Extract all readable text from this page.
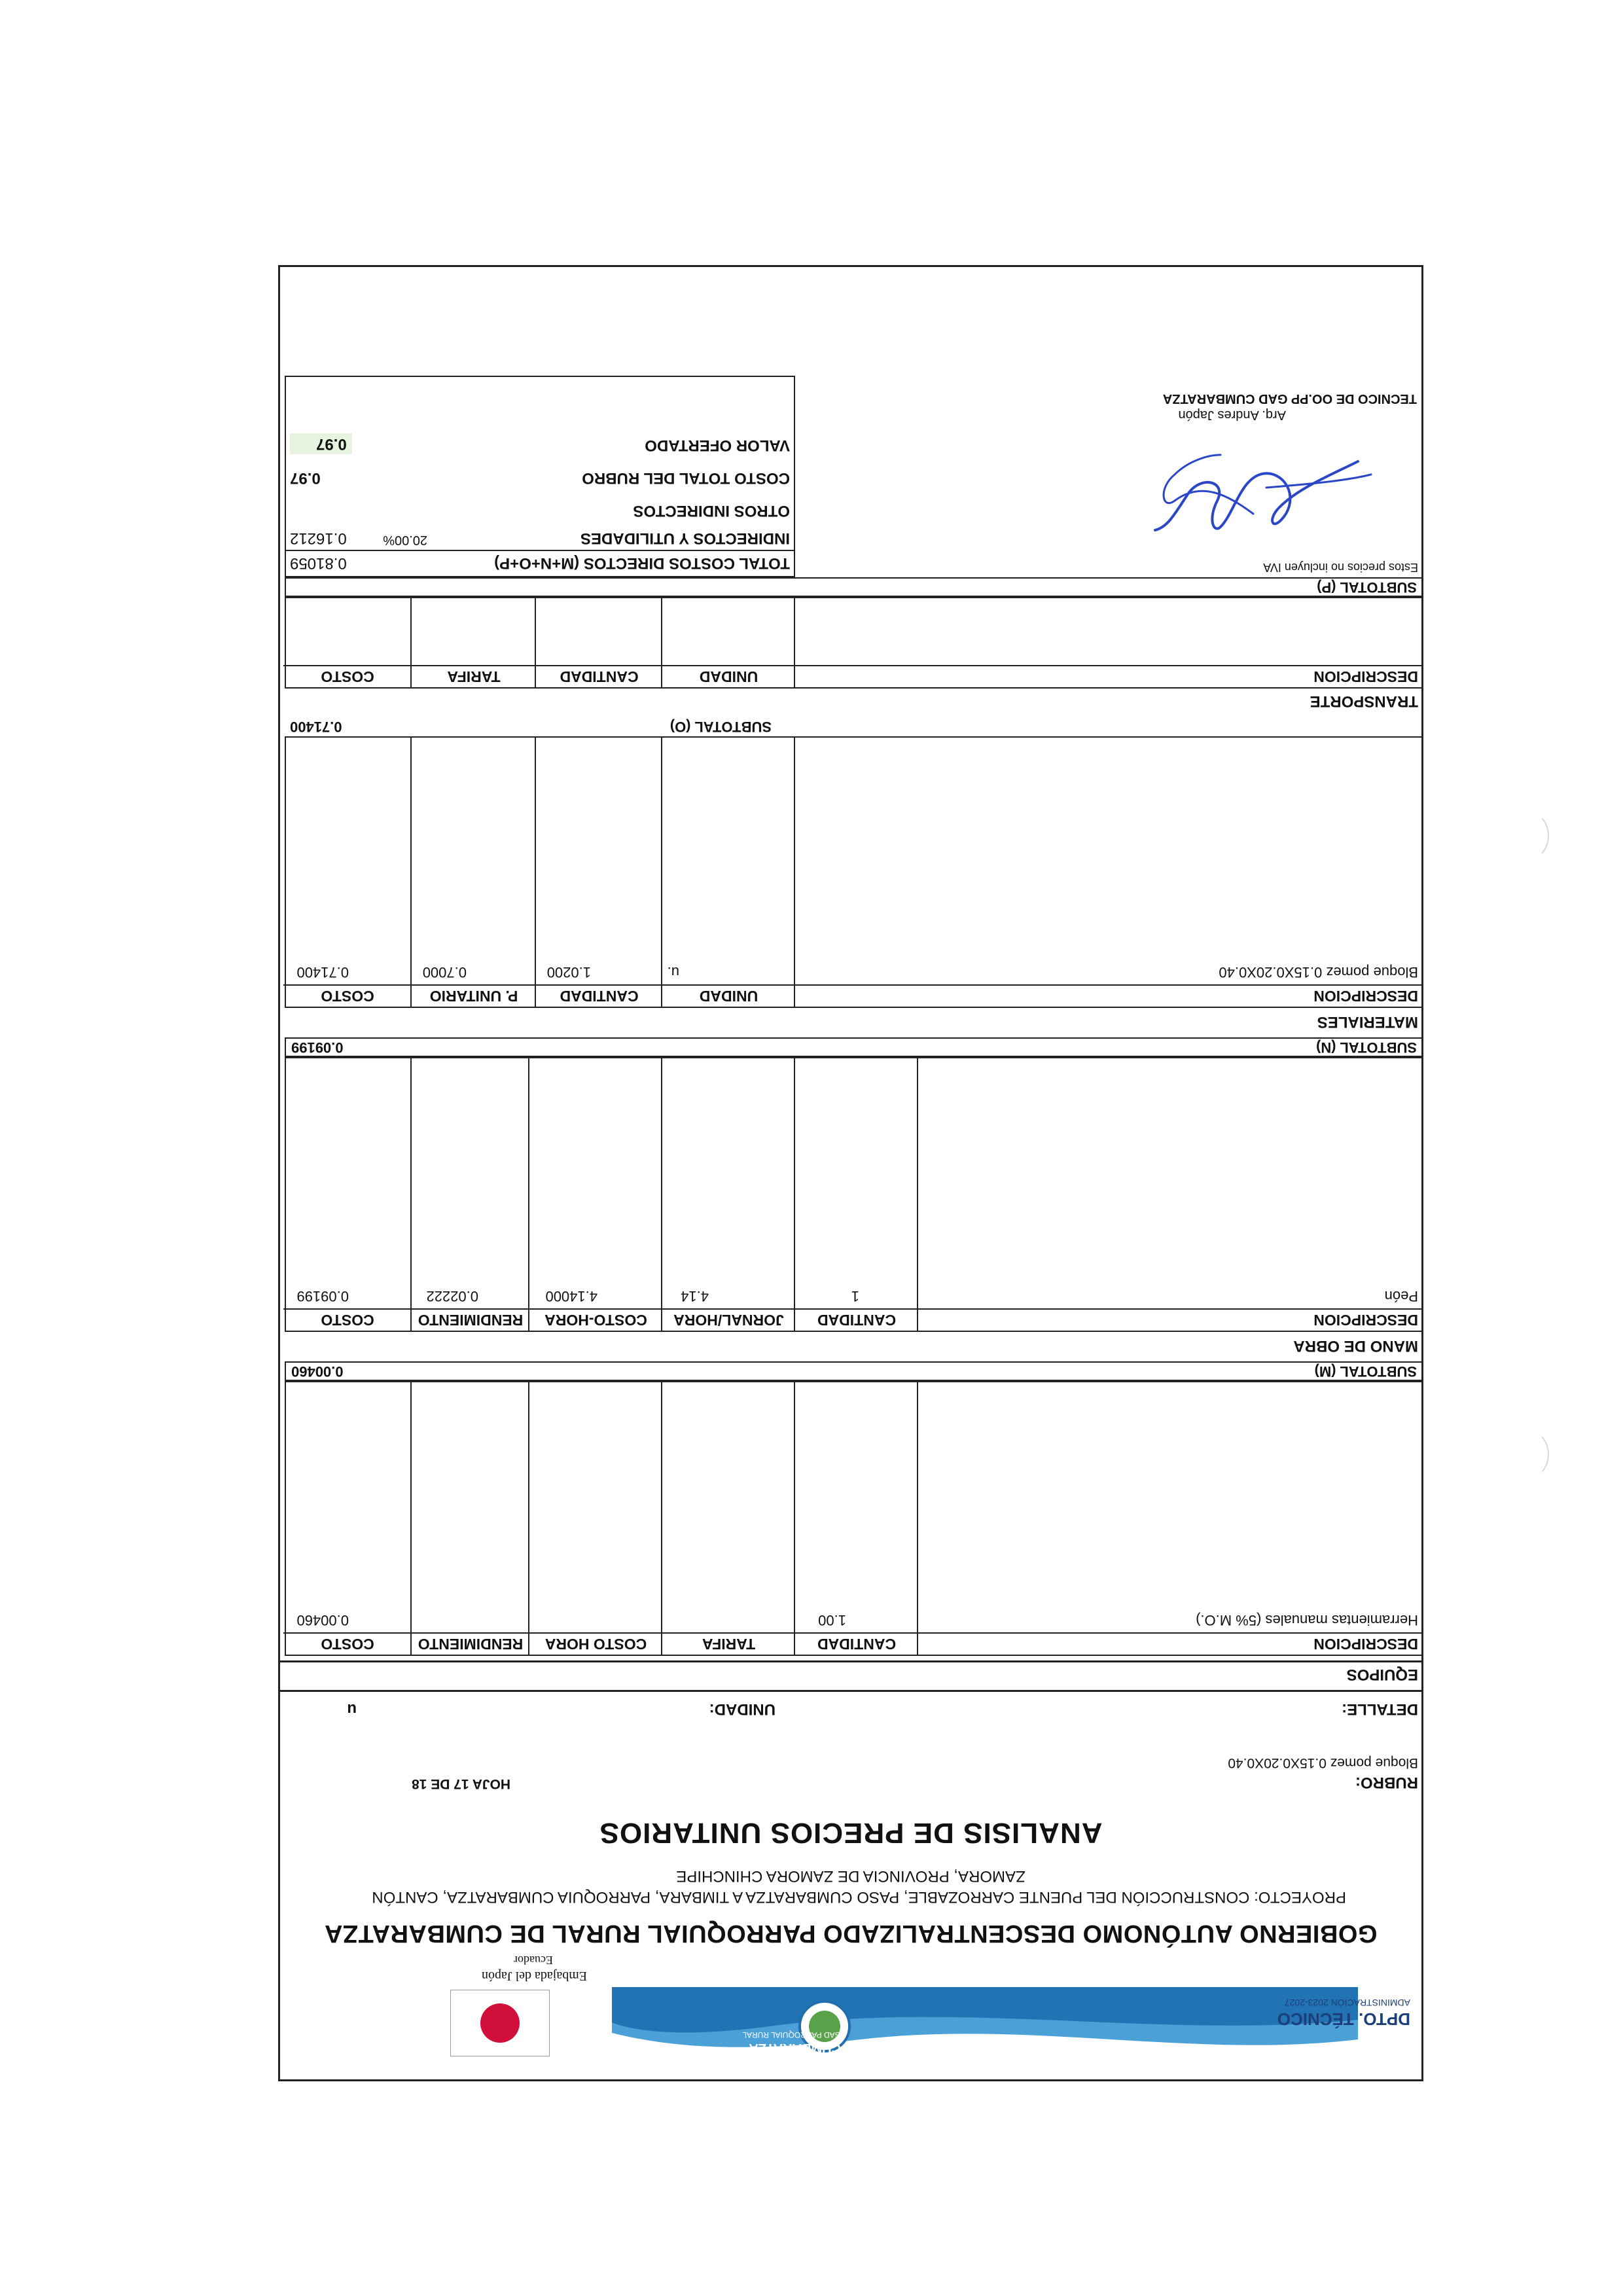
DPTO. TÉCNICO
ADMINISTRACIÓN 2023-2027
CUMBARATZA
GAD PARROQUIAL RURAL
Embajada del Japón
Ecuador
GOBIERNO AUTÓNOMO DESCENTRALIZADO PARROQUIAL RURAL DE CUMBARATZA
PROYECTO: CONSTRUCCIÓN DEL PUENTE CARROZABLE, PASO CUMBARATZA A TIMBARA, PARROQUIA CUMBARATZA, CANTÓN
ZAMORA, PROVINCIA DE ZAMORA CHINCHIPE
ANALISIS DE PRECIOS UNITARIOS
RUBRO:
HOJA 17 DE 18
Bloque pomez 0.15X0.20X0.40
DETALLE:
UNIDAD:
u
EQUIPOS
DESCRIPCION
CANTIDAD
TARIFA
COSTO HORA
RENDIMIENTO
COSTO
Herramientas manuales (5% M.O.)
1.00
0.00460
SUBTOTAL (M)
0.00460
MANO DE OBRA
DESCRIPCION
CANTIDAD
JORNAL/HORA
COSTO-HORA
RENDIMIENTO
COSTO
Peón
1
4.14
4.14000
0.02222
0.09199
SUBTOTAL (N)
0.09199
MATERIALES
DESCRIPCION
UNIDAD
CANTIDAD
P. UNITARIO
COSTO
Bloque pomez 0.15X0.20X0.40
u.
1.0200
0.7000
0.71400
SUBTOTAL (O)
0.71400
TRANSPORTE
DESCRIPCION
UNIDAD
CANTIDAD
TARIFA
COSTO
SUBTOTAL (P)
Estos precios no incluyen IVA
Arq. Andres Japón
TECNICO DE OO.PP GAD CUMBARATZA
TOTAL COSTOS DIRECTOS (M+N+O+P)
0.81059
INDIRECTOS Y UTILIDADES
20.00%
0.16212
OTROS INDIRECTOS
COSTO TOTAL DEL RUBRO
0.97
VALOR OFERTADO
0.97
